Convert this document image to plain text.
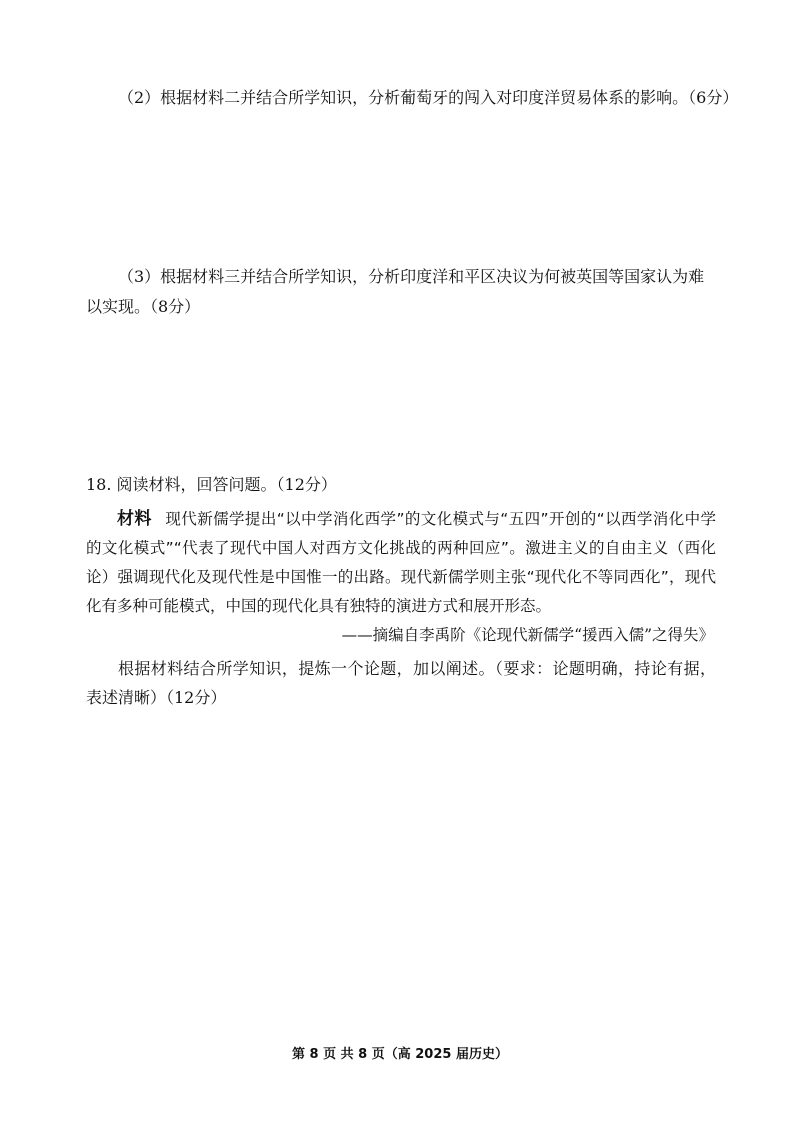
（2）根据材料二并结合所学知识，分析葡萄牙的闯入对印度洋贸易体系的影响。（6分）
（3）根据材料三并结合所学知识，分析印度洋和平区决议为何被英国等国家认为难
以实现。（8分）
18. 阅读材料，回答问题。（12分）
材料 现代新儒学提出“以中学消化西学”的文化模式与“五四”开创的“以西学消化中学的文化模式”“代表了现代中国人对西方文化挑战的两种回应”。激进主义的自由主义（西化论）强调现代化及现代性是中国惟一的出路。现代新儒学则主张“现代化不等同西化”，现代化有多种可能模式，中国的现代化具有独特的演进方式和展开形态。
——摘编自李禹阶《论现代新儒学“援西入儒”之得失》
根据材料结合所学知识，提炼一个论题，加以阐述。（要求：论题明确，持论有据，表述清晰）（12分）
第 8 页 共 8 页（高 2025 届历史）
